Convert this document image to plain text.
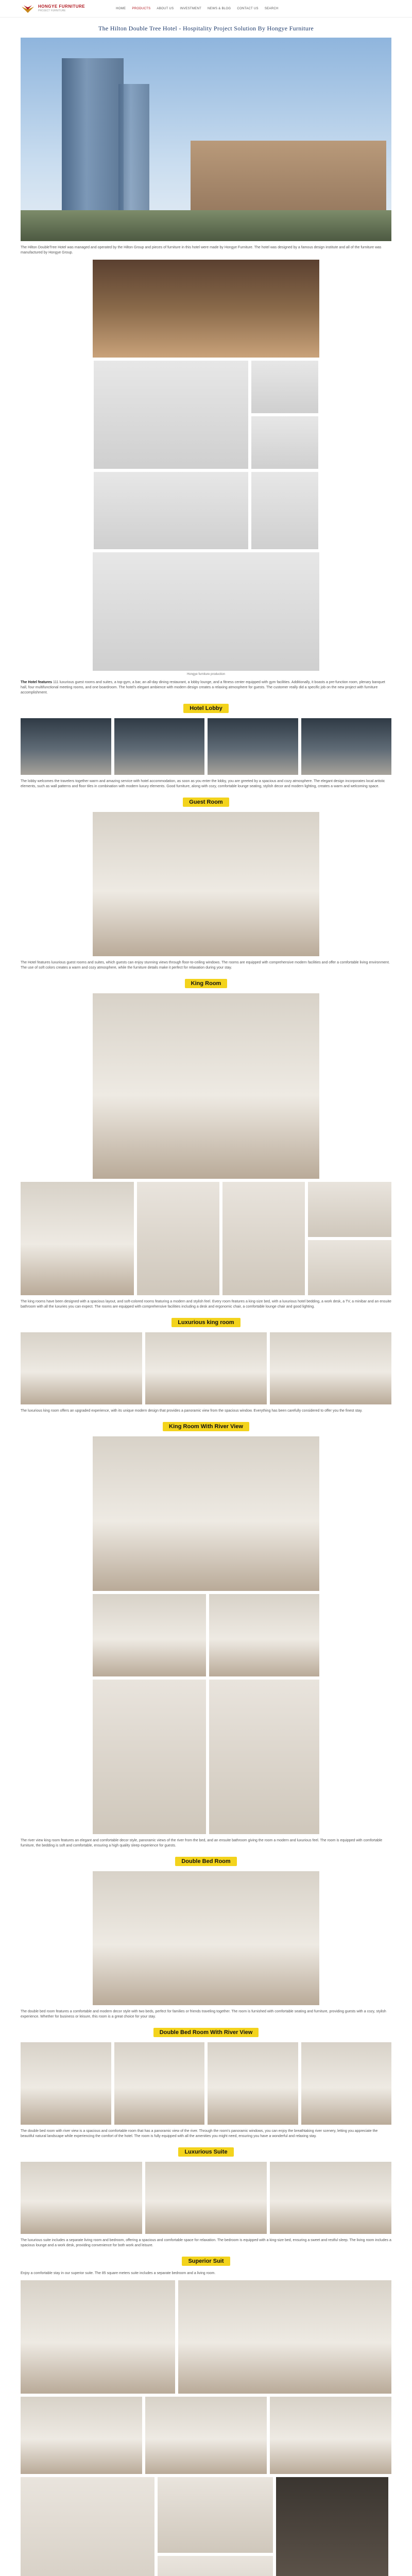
HONGYE FURNITURE
PROJECT FURNITURE
HOME PRODUCTS ABOUT US INVESTMENT NEWS & BLOG CONTACT US SEARCH
The Hilton Double Tree Hotel - Hospitality Project Solution By Hongye Furniture

The Hilton DoubleTree Hotel was managed and operated by the Hilton Group and pieces of furniture in this hotel were made by Hongye Furniture. The hotel was designed by a famous design institute and all of the furniture was manufactured by Hongye Group.

Hongye furniture production

The Hotel features 111 luxurious guest rooms and suites, a top-gym, a bar, an all-day dining restaurant, a lobby lounge, and a fitness center equipped with gym facilities. Additionally, it boasts a pre-function room, plenary banquet hall, four multifunctional meeting rooms, and one boardroom. The hotel's elegant ambience with modern design creates a relaxing atmosphere for guests. The customer really did a specific job on the new project with furniture accomplishment.

Hotel Lobby

The lobby welcomes the travelers together warm and amazing service with hotel accommodation, as soon as you enter the lobby, you are greeted by a spacious and cozy atmosphere. The elegant design incorporates local artistic elements, such as wall patterns and floor tiles in combination with modern luxury elements. Good furniture, along with cozy, comfortable lounge seating, stylish decor and modern lighting, creates a warm and welcoming space.

Guest Room

The Hotel features luxurious guest rooms and suites, which guests can enjoy stunning views through floor-to-ceiling windows. The rooms are equipped with comprehensive modern facilities and offer a comfortable living environment. The use of soft colors creates a warm and cozy atmosphere, while the furniture details make it perfect for relaxation during your stay.

King Room

The king rooms have been designed with a spacious layout, and soft-colored rooms featuring a modern and stylish feel. Every room features a king-size bed, with a luxurious hotel bedding, a work desk, a TV, a minibar and an ensuite bathroom with all the luxuries you can expect. The rooms are equipped with comprehensive facilities including a desk and ergonomic chair, a comfortable lounge chair and good lighting.

Luxurious king room

The luxurious king room offers an upgraded experience, with its unique modern design that provides a panoramic view from the spacious window. Everything has been carefully considered to offer you the finest stay.

King Room With River View

The river view king room features an elegant and comfortable decor style, panoramic views of the river from the bed, and an ensuite bathroom giving the room a modern and luxurious feel. The room is equipped with comfortable furniture, the bedding is soft and comfortable, ensuring a high quality sleep experience for guests.

Double Bed Room

The double bed room features a comfortable and modern decor style with two beds, perfect for families or friends traveling together. The room is furnished with comfortable seating and furniture, providing guests with a cozy, stylish experience. Whether for business or leisure, this room is a great choice for your stay.

Double Bed Room With River View

The double bed room with river view is a spacious and comfortable room that has a panoramic view of the river. Through the room's panoramic windows, you can enjoy the breathtaking river scenery, letting you appreciate the beautiful natural landscape while experiencing the comfort of the hotel. The room is fully equipped with all the amenities you might need, ensuring you have a wonderful and relaxing stay.

Luxurious Suite

The luxurious suite includes a separate living room and bedroom, offering a spacious and comfortable space for relaxation. The bedroom is equipped with a king-size bed, ensuring a sweet and restful sleep. The living room includes a spacious lounge and a work desk, providing convenience for both work and leisure.

Superior Suit

Enjoy a comfortable stay in our superior suite. The 85 square meters suite includes a separate bedroom and a living room.
